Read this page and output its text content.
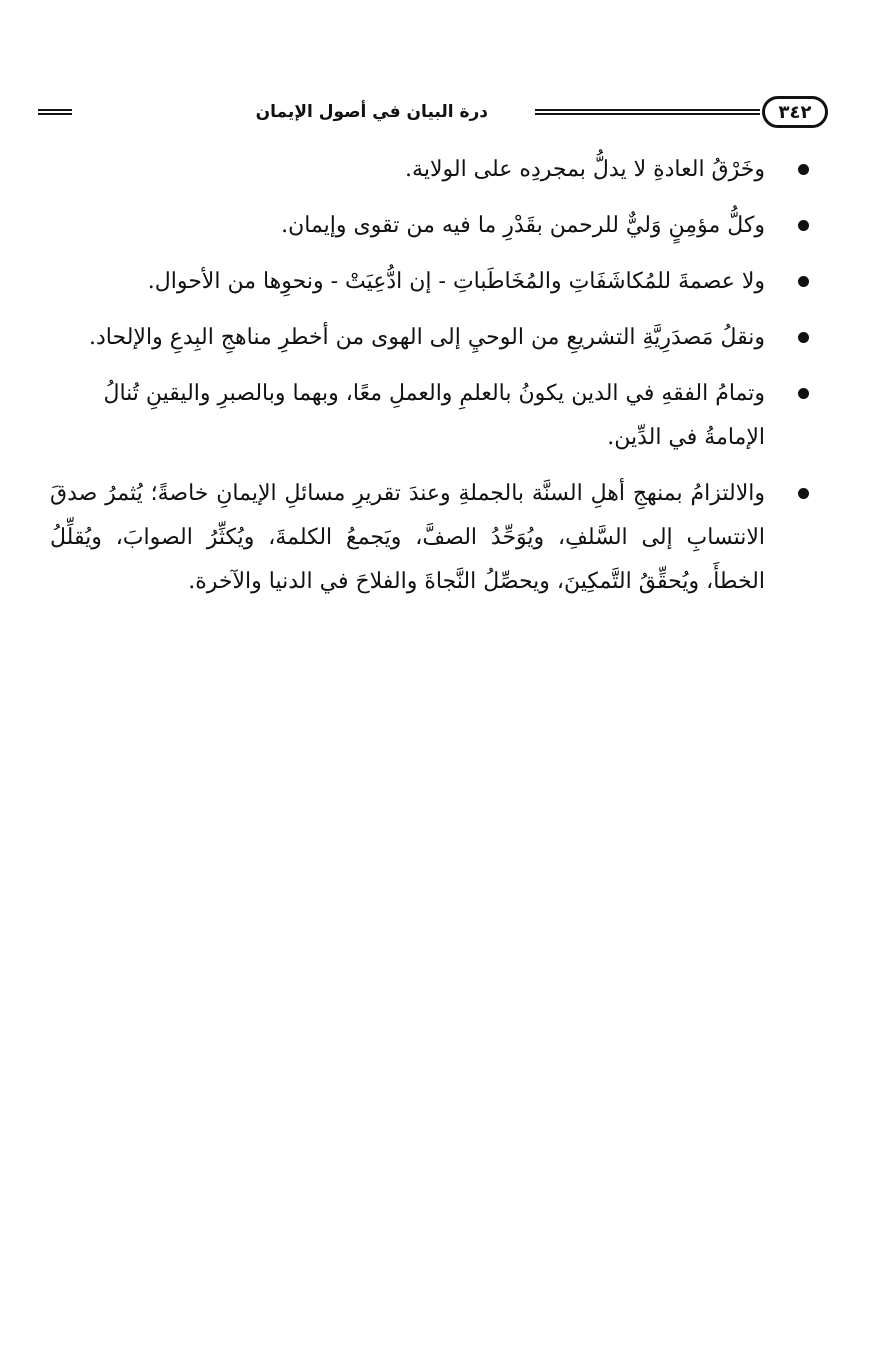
٣٤٢
درة البيان في أصول الإيمان
وخَرْقُ العادةِ لا يدلُّ بمجردِه على الولاية.
وكلُّ مؤمِنٍ وَليٌّ للرحمن بقَدْرِ ما فيه من تقوى وإيمان.
ولا عصمةَ للمُكاشَفَاتِ والمُخَاطَباتِ - إن ادُّعِيَتْ - ونحوِها من الأحوال.
ونقلُ مَصدَرِيَّةِ التشريعِ من الوحيِ إلى الهوى من أخطرِ مناهجِ البِدعِ والإلحاد.
وتمامُ الفقهِ في الدين يكونُ بالعلمِ والعملِ معًا، وبهما وبالصبرِ واليقينِ تُنالُ الإمامةُ في الدِّين.
والالتزامُ بمنهجِ أهلِ السنَّة بالجملةِ وعندَ تقريرِ مسائلِ الإيمانِ خاصةً؛ يُثمرُ صدقَ الانتسابِ إلى السَّلفِ، ويُوَحِّدُ الصفَّ، ويَجمعُ الكلمةَ، ويُكثِّرُ الصوابَ، ويُقلِّلُ الخطأَ، ويُحقِّقُ التَّمكِينَ، ويحصِّلُ النَّجاةَ والفلاحَ في الدنيا والآخرة.
